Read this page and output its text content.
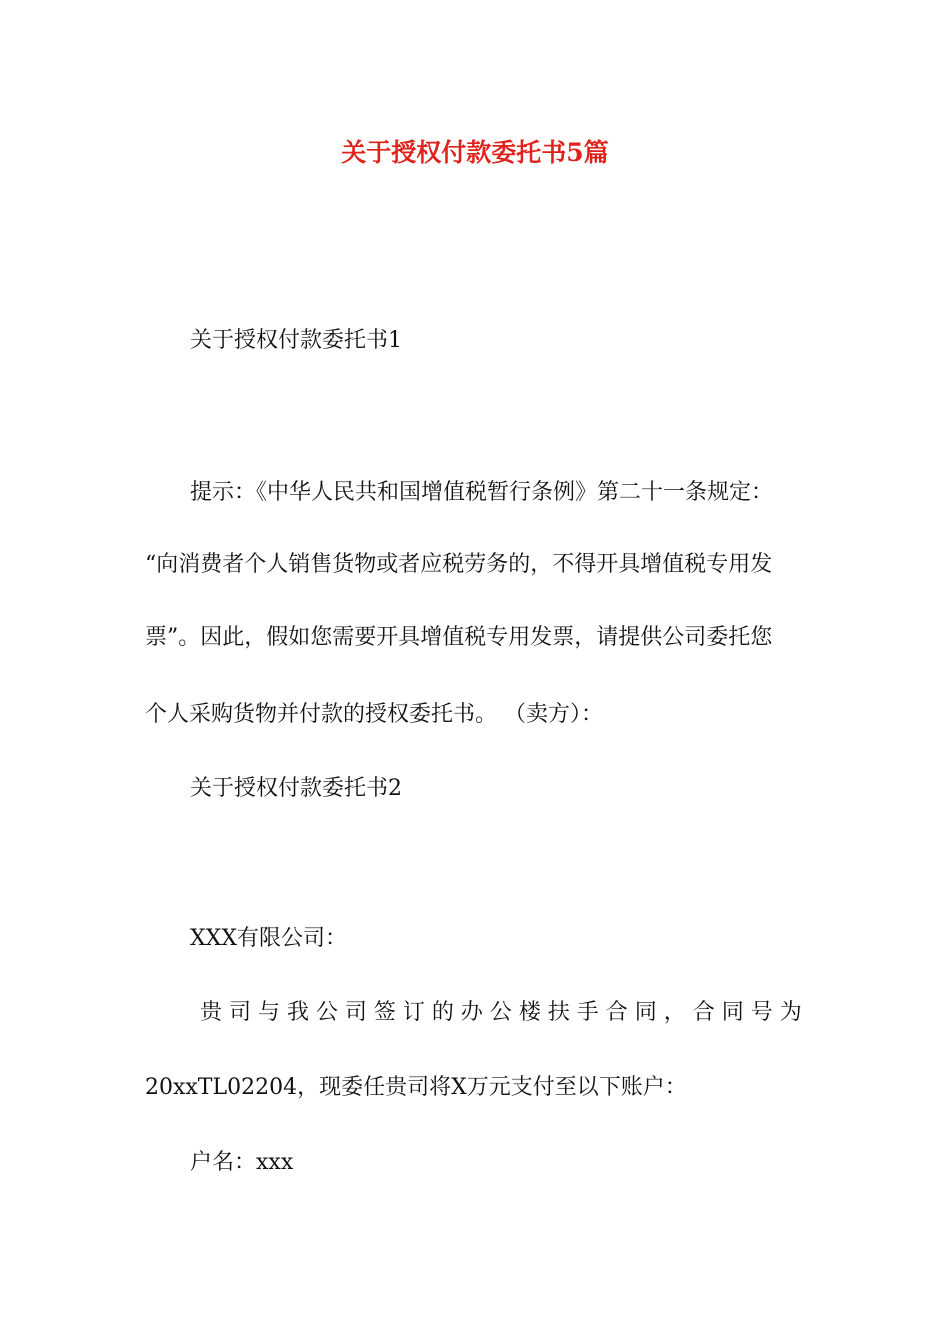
关于授权付款委托书5篇
关于授权付款委托书1
提示：《中华人民共和国增值税暂行条例》第二十一条规定：
“向消费者个人销售货物或者应税劳务的，不得开具增值税专用发
票”。因此，假如您需要开具增值税专用发票，请提供公司委托您
个人采购货物并付款的授权委托书。 （卖方）：
关于授权付款委托书2
XXX有限公司：
贵 司 与 我 公 司 签 订 的 办 公 楼 扶 手 合 同 ， 合 同 号 为
20xxTL02204，现委任贵司将X万元支付至以下账户：
户名：xxx
